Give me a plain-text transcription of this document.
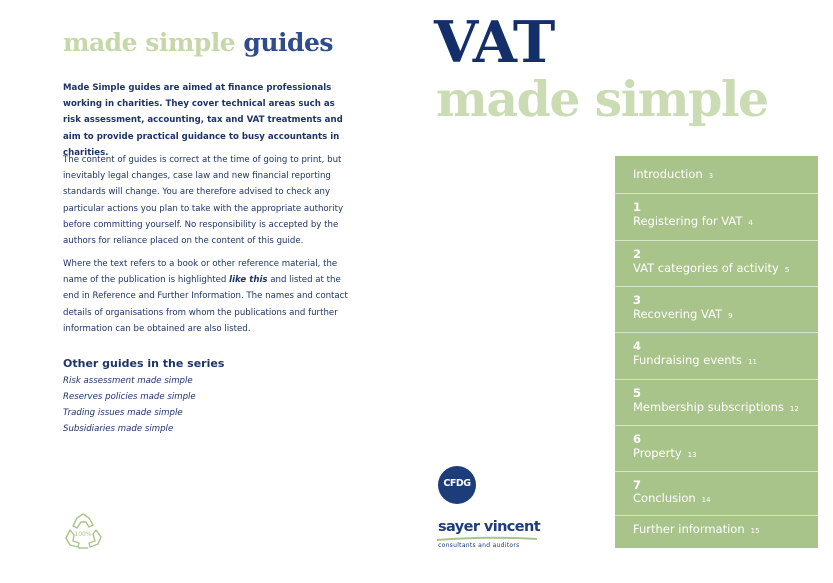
made simple guides

Made Simple guides are aimed at finance professionals working in charities. They cover technical areas such as risk assessment, accounting, tax and VAT treatments and aim to provide practical guidance to busy accountants in charities.

The content of guides is correct at the time of going to print, but inevitably legal changes, case law and new financial reporting standards will change. You are therefore advised to check any particular actions you plan to take with the appropriate authority before committing yourself. No responsibility is accepted by the authors for reliance placed on the content of this guide.

Where the text refers to a book or other reference material, the name of the publication is highlighted like this and listed at the end in Reference and Further Information. The names and contact details of organisations from whom the publications and further information can be obtained are also listed.

Other guides in the series
Risk assessment made simple
Reserves policies made simple
Trading issues made simple
Subsidiaries made simple
100%
VAT
made simple
Introduction 3
1
Registering for VAT 4
2
VAT categories of activity 5
3
Recovering VAT 9
4
Fundraising events 11
5
Membership subscriptions 12
6
Property 13
7
Conclusion 14
Further information 15
CFDG

sayer vincent

consultants and auditors
